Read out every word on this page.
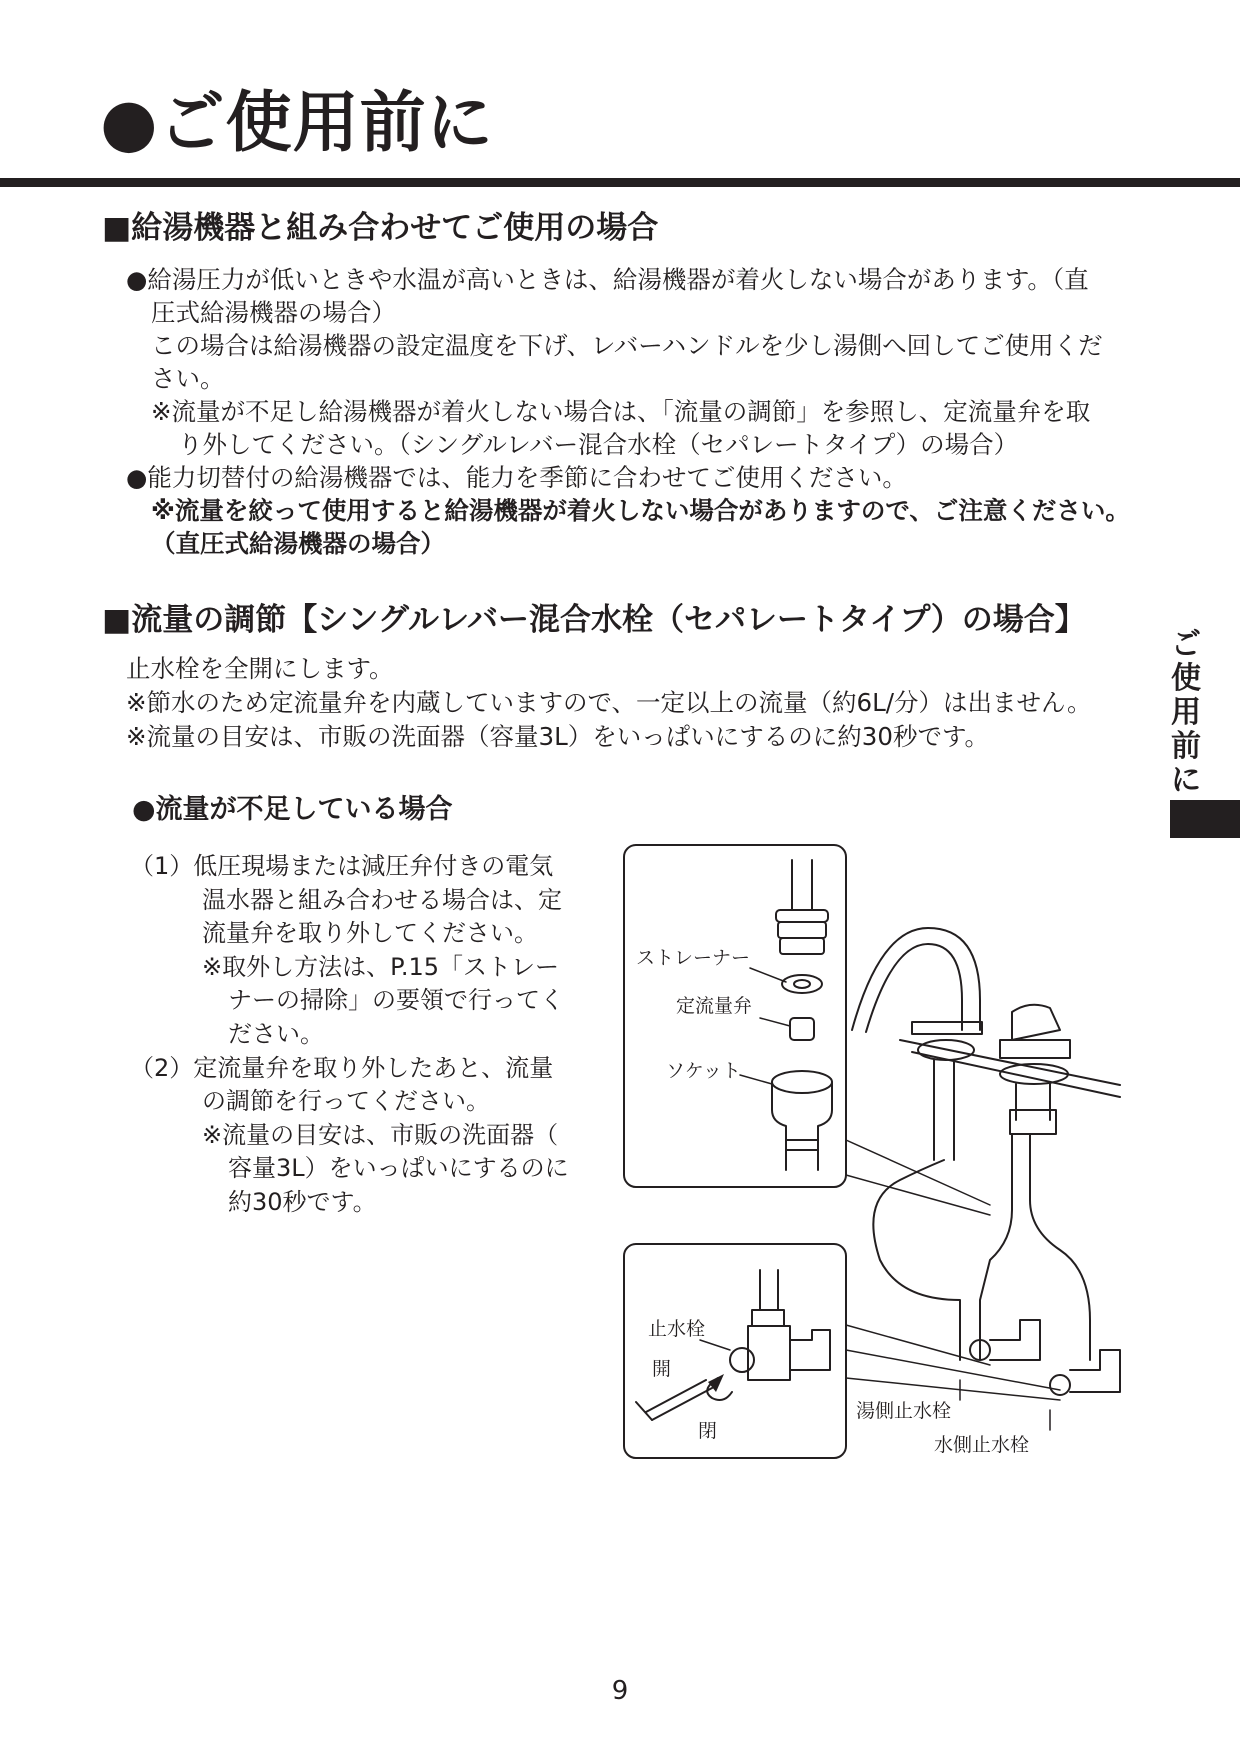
●ご使用前に
ご
使
用
前
に
■給湯機器と組み合わせてご使用の場合
●給湯圧力が低いときや水温が高いときは、給湯機器が着火しない場合があります。（直
圧式給湯機器の場合）
この場合は給湯機器の設定温度を下げ、レバーハンドルを少し湯側へ回してご使用くだ
さい。
※流量が不足し給湯機器が着火しない場合は、「流量の調節」を参照し、定流量弁を取
り外してください。（シングルレバー混合水栓（セパレートタイプ）の場合）
●能力切替付の給湯機器では、能力を季節に合わせてご使用ください。
※流量を絞って使用すると給湯機器が着火しない場合がありますので、ご注意ください。
（直圧式給湯機器の場合）
■流量の調節【シングルレバー混合水栓（セパレートタイプ）の場合】
止水栓を全開にします。
※節水のため定流量弁を内蔵していますので、一定以上の流量（約6L/分）は出ません。
※流量の目安は、市販の洗面器（容量3L）をいっぱいにするのに約30秒です。
●流量が不足している場合
（1）低圧現場または減圧弁付きの電気
温水器と組み合わせる場合は、定
流量弁を取り外してください。
※取外し方法は、P.15「ストレー
ナーの掃除」の要領で行ってく
ださい。
（2）定流量弁を取り外したあと、流量
の調節を行ってください。
※流量の目安は、市販の洗面器（
容量3L）をいっぱいにするのに
約30秒です。
ストレーナー
定流量弁
ソケット
止水栓
開
閉
湯側止水栓
水側止水栓
9
